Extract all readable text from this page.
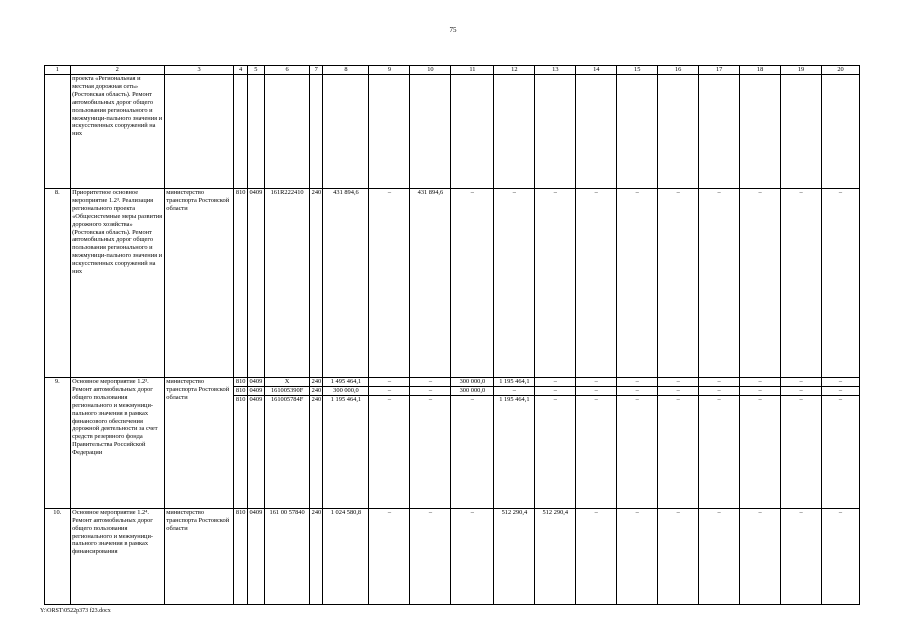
75
1	2	3	4	5	6	7	8	9	10	11	12	13	14	15	16	17	18	19	20
	проекта «Региональная и местная дорожная сеть» (Ростовская область). Ремонт автомобильных дорог общего пользования регионального и межмуници-пального значения и искусственных сооружений на них																		
8.	Приоритетное основное мероприятие 1.2³. Реализация регионального проекта «Общесистемные меры развития дорожного хозяйства» (Ростовская область). Ремонт автомобильных дорог общего пользования регионального и межмуници-пального значения и искусственных сооружений на них	министерство транспорта Ростовской области	810	0409	161R222410	240	431 894,6	–	431 894,6	–	–	–	–	–	–	–	–	–	–
9.	Основное мероприятие 1.2³. Ремонт автомобильных дорог общего пользования регионального и межмуници-пального значения в рамках финансового обеспечения дорожной деятельности за счет средств резервного фонда Правительства Российской Федерации	министерство транспорта Ростовской области	810	0409	X	240	1 495 464,1	–	–	300 000,0	1 195 464,1	–	–	–	–	–	–	–	–
			810	0409	161005390F	240	300 000,0	–	–	300 000,0	–	–	–	–	–	–	–	–	–
			810	0409	161005784F	240	1 195 464,1	–	–	–	1 195 464,1	–	–	–	–	–	–	–	–
10.	Основное мероприятие 1.2⁴. Ремонт автомобильных дорог общего пользования регионального и межмуници-пального значения в рамках финансирования	министерство транспорта Ростовской области	810	0409	161 00 57840	240	1 024 580,8	–	–	–	512 290,4	512 290,4	–	–	–	–	–	–	–
Y:\ORST\0522p373 f23.docx
